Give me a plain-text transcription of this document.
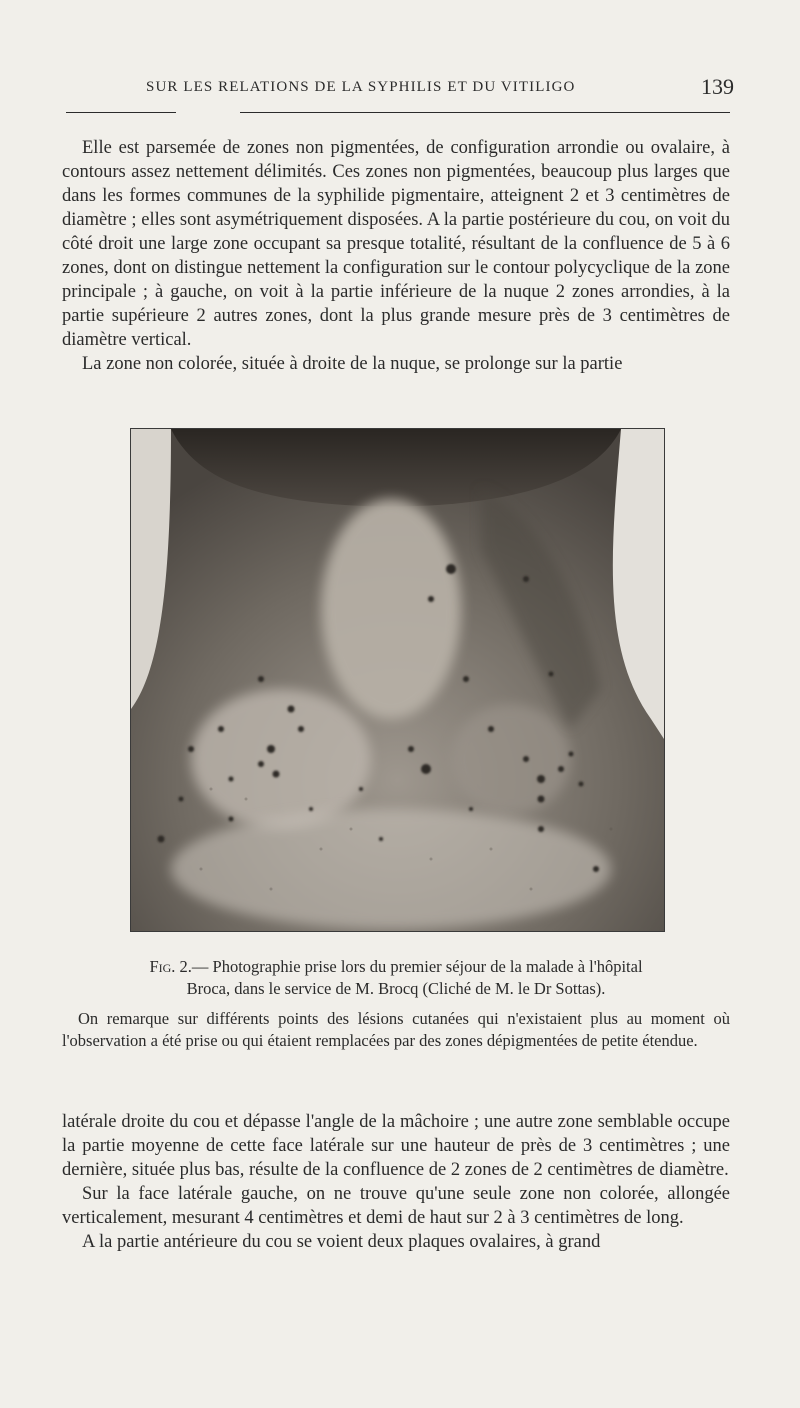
SUR LES RELATIONS DE LA SYPHILIS ET DU VITILIGO	139

Elle est parsemée de zones non pigmentées, de configuration arrondie ou ovalaire, à contours assez nettement délimités. Ces zones non pigmentées, beaucoup plus larges que dans les formes communes de la syphilide pigmentaire, atteignent 2 et 3 centimètres de diamètre ; elles sont asymétriquement disposées. A la partie postérieure du cou, on voit du côté droit une large zone occupant sa presque totalité, résultant de la confluence de 5 à 6 zones, dont on distingue nettement la configuration sur le contour polycyclique de la zone principale ; à gauche, on voit à la partie inférieure de la nuque 2 zones arrondies, à la partie supérieure 2 autres zones, dont la plus grande mesure près de 3 centimètres de diamètre vertical.

La zone non colorée, située à droite de la nuque, se prolonge sur la partie

Fig. 2.— Photographie prise lors du premier séjour de la malade à l'hôpital
Broca, dans le service de M. Brocq (Cliché de M. le Dr Sottas).
On remarque sur différents points des lésions cutanées qui n'existaient plus au moment où l'observation a été prise ou qui étaient remplacées par des zones dépigmentées de petite étendue.

latérale droite du cou et dépasse l'angle de la mâchoire ; une autre zone semblable occupe la partie moyenne de cette face latérale sur une hauteur de près de 3 centimètres ; une dernière, située plus bas, résulte de la confluence de 2 zones de 2 centimètres de diamètre.

Sur la face latérale gauche, on ne trouve qu'une seule zone non colorée, allongée verticalement, mesurant 4 centimètres et demi de haut sur 2 à 3 centimètres de long.

A la partie antérieure du cou se voient deux plaques ovalaires, à grand
